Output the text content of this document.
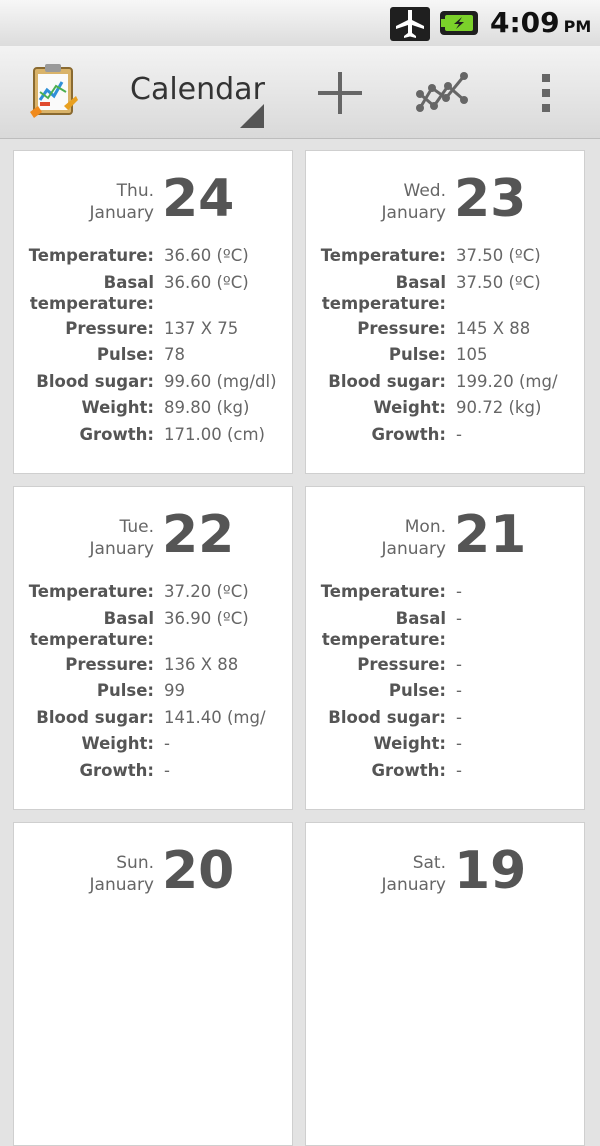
4:09 PM
Calendar
Thu.
January 24
Temperature: 36.60 (ºC)
Basal
temperature:
36.60 (ºC)
Pressure: 137 X 75
Pulse: 78
Blood sugar: 99.60 (mg/dl)
Weight: 89.80 (kg)
Growth: 171.00 (cm)
Wed.
January 23
Temperature: 37.50 (ºC)
Basal
temperature:
37.50 (ºC)
Pressure: 145 X 88
Pulse: 105
Blood sugar: 199.20 (mg/
Weight: 90.72 (kg)
Growth: -
Tue.
January 22
Temperature: 37.20 (ºC)
Basal
temperature:
36.90 (ºC)
Pressure: 136 X 88
Pulse: 99
Blood sugar: 141.40 (mg/
Weight: -
Growth: -
Mon.
January 21
Temperature: -
Basal
temperature:
-
Pressure: -
Pulse: -
Blood sugar: -
Weight: -
Growth: -
Sun.
January 20	Sat.
January 19
